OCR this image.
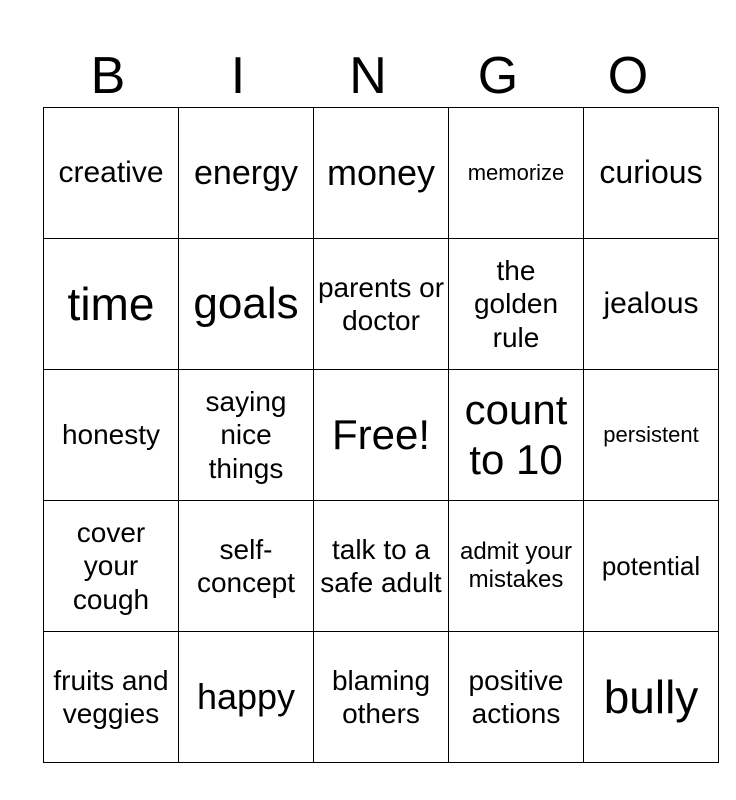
B	I	N	G	O
creative	energy	money	memorize	curious
time	goals	parents or doctor	the golden rule	jealous
honesty	saying nice things	Free!	count to 10	persistent
cover your cough	self-concept	talk to a safe adult	admit your mistakes	potential
fruits and veggies	happy	blaming others	positive actions	bully
